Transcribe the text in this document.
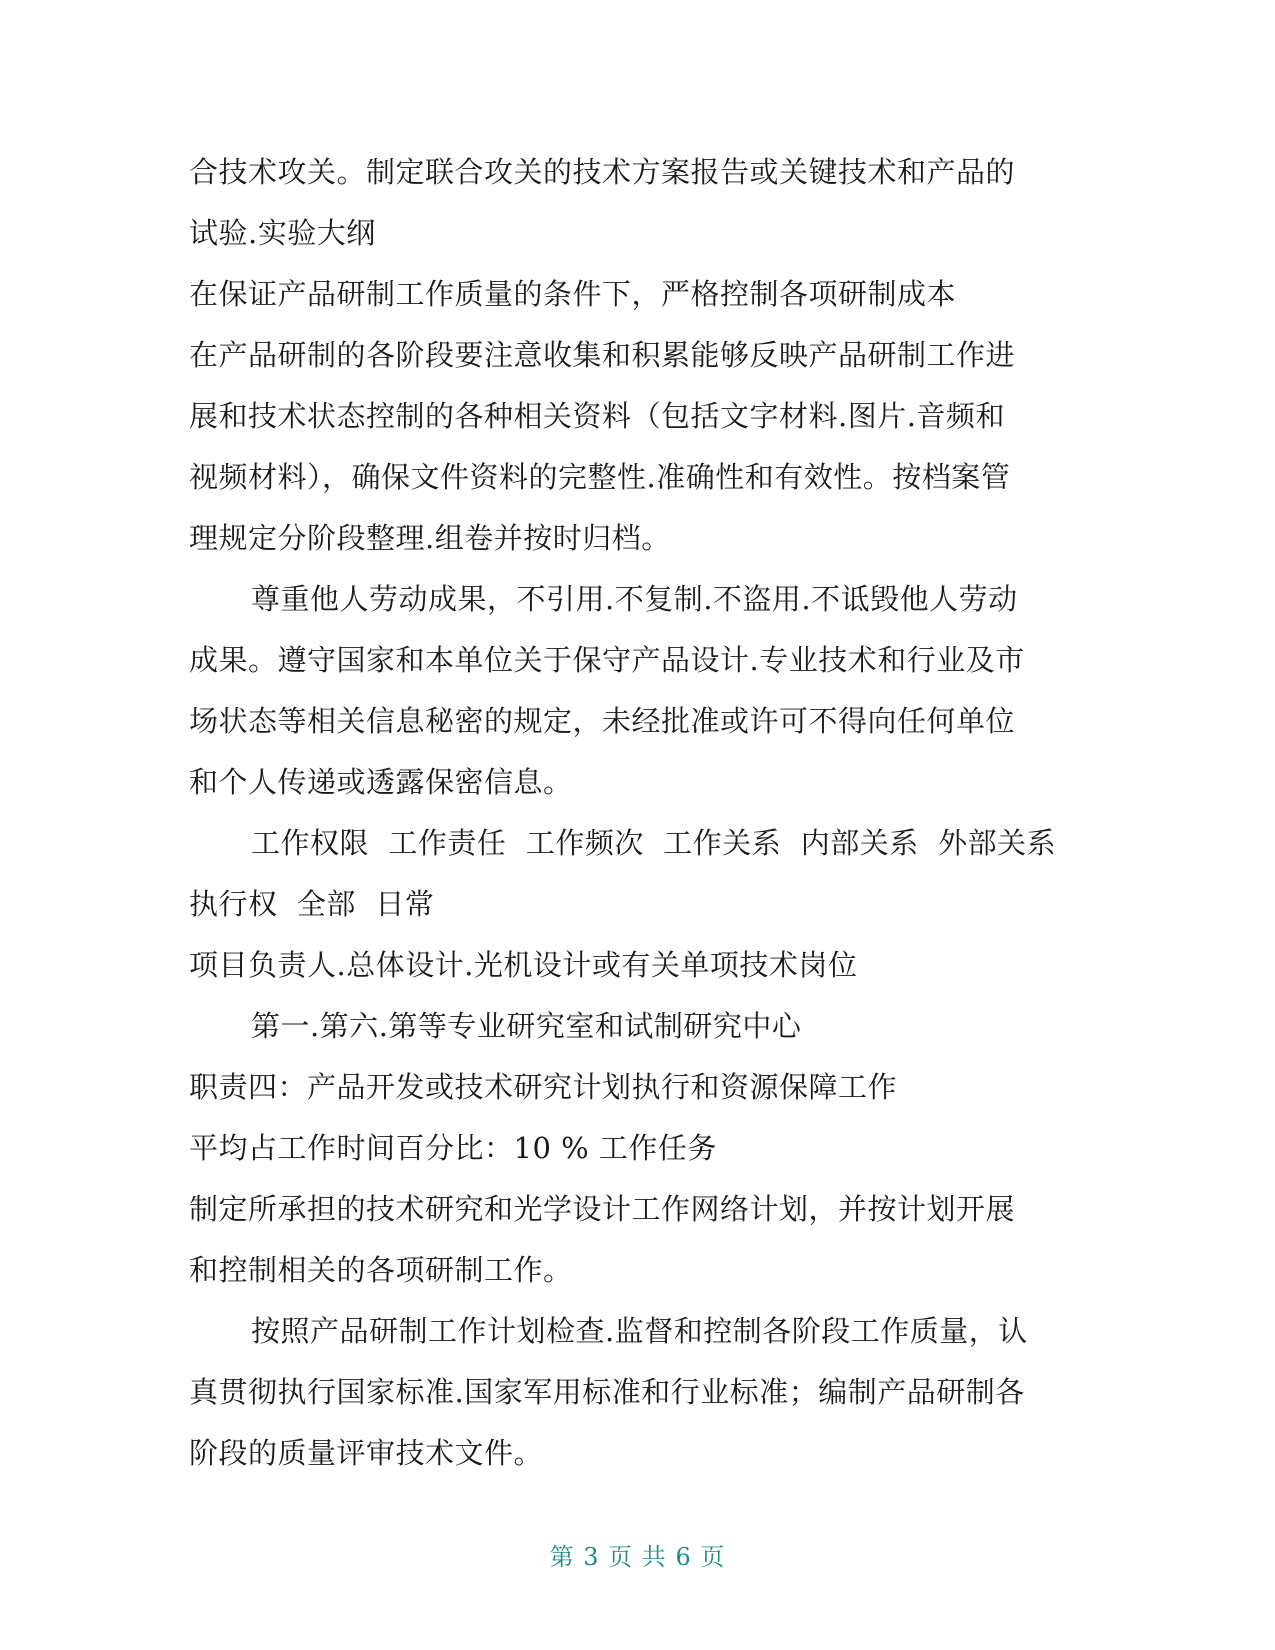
合技术攻关。制定联合攻关的技术方案报告或关键技术和产品的
试验.实验大纲
在保证产品研制工作质量的条件下，严格控制各项研制成本
在产品研制的各阶段要注意收集和积累能够反映产品研制工作进
展和技术状态控制的各种相关资料（包括文字材料.图片.音频和
视频材料），确保文件资料的完整性.准确性和有效性。按档案管
理规定分阶段整理.组卷并按时归档。
尊重他人劳动成果，不引用.不复制.不盗用.不诋毁他人劳动
成果。遵守国家和本单位关于保守产品设计.专业技术和行业及市
场状态等相关信息秘密的规定，未经批准或许可不得向任何单位
和个人传递或透露保密信息。
工作权限  工作责任  工作频次  工作关系  内部关系  外部关系
执行权  全部  日常
项目负责人.总体设计.光机设计或有关单项技术岗位
第一.第六.第等专业研究室和试制研究中心
职责四：产品开发或技术研究计划执行和资源保障工作
平均占工作时间百分比：10 % 工作任务
制定所承担的技术研究和光学设计工作网络计划，并按计划开展
和控制相关的各项研制工作。
按照产品研制工作计划检查.监督和控制各阶段工作质量，认
真贯彻执行国家标准.国家军用标准和行业标准；编制产品研制各
阶段的质量评审技术文件。
第 3 页 共 6 页
